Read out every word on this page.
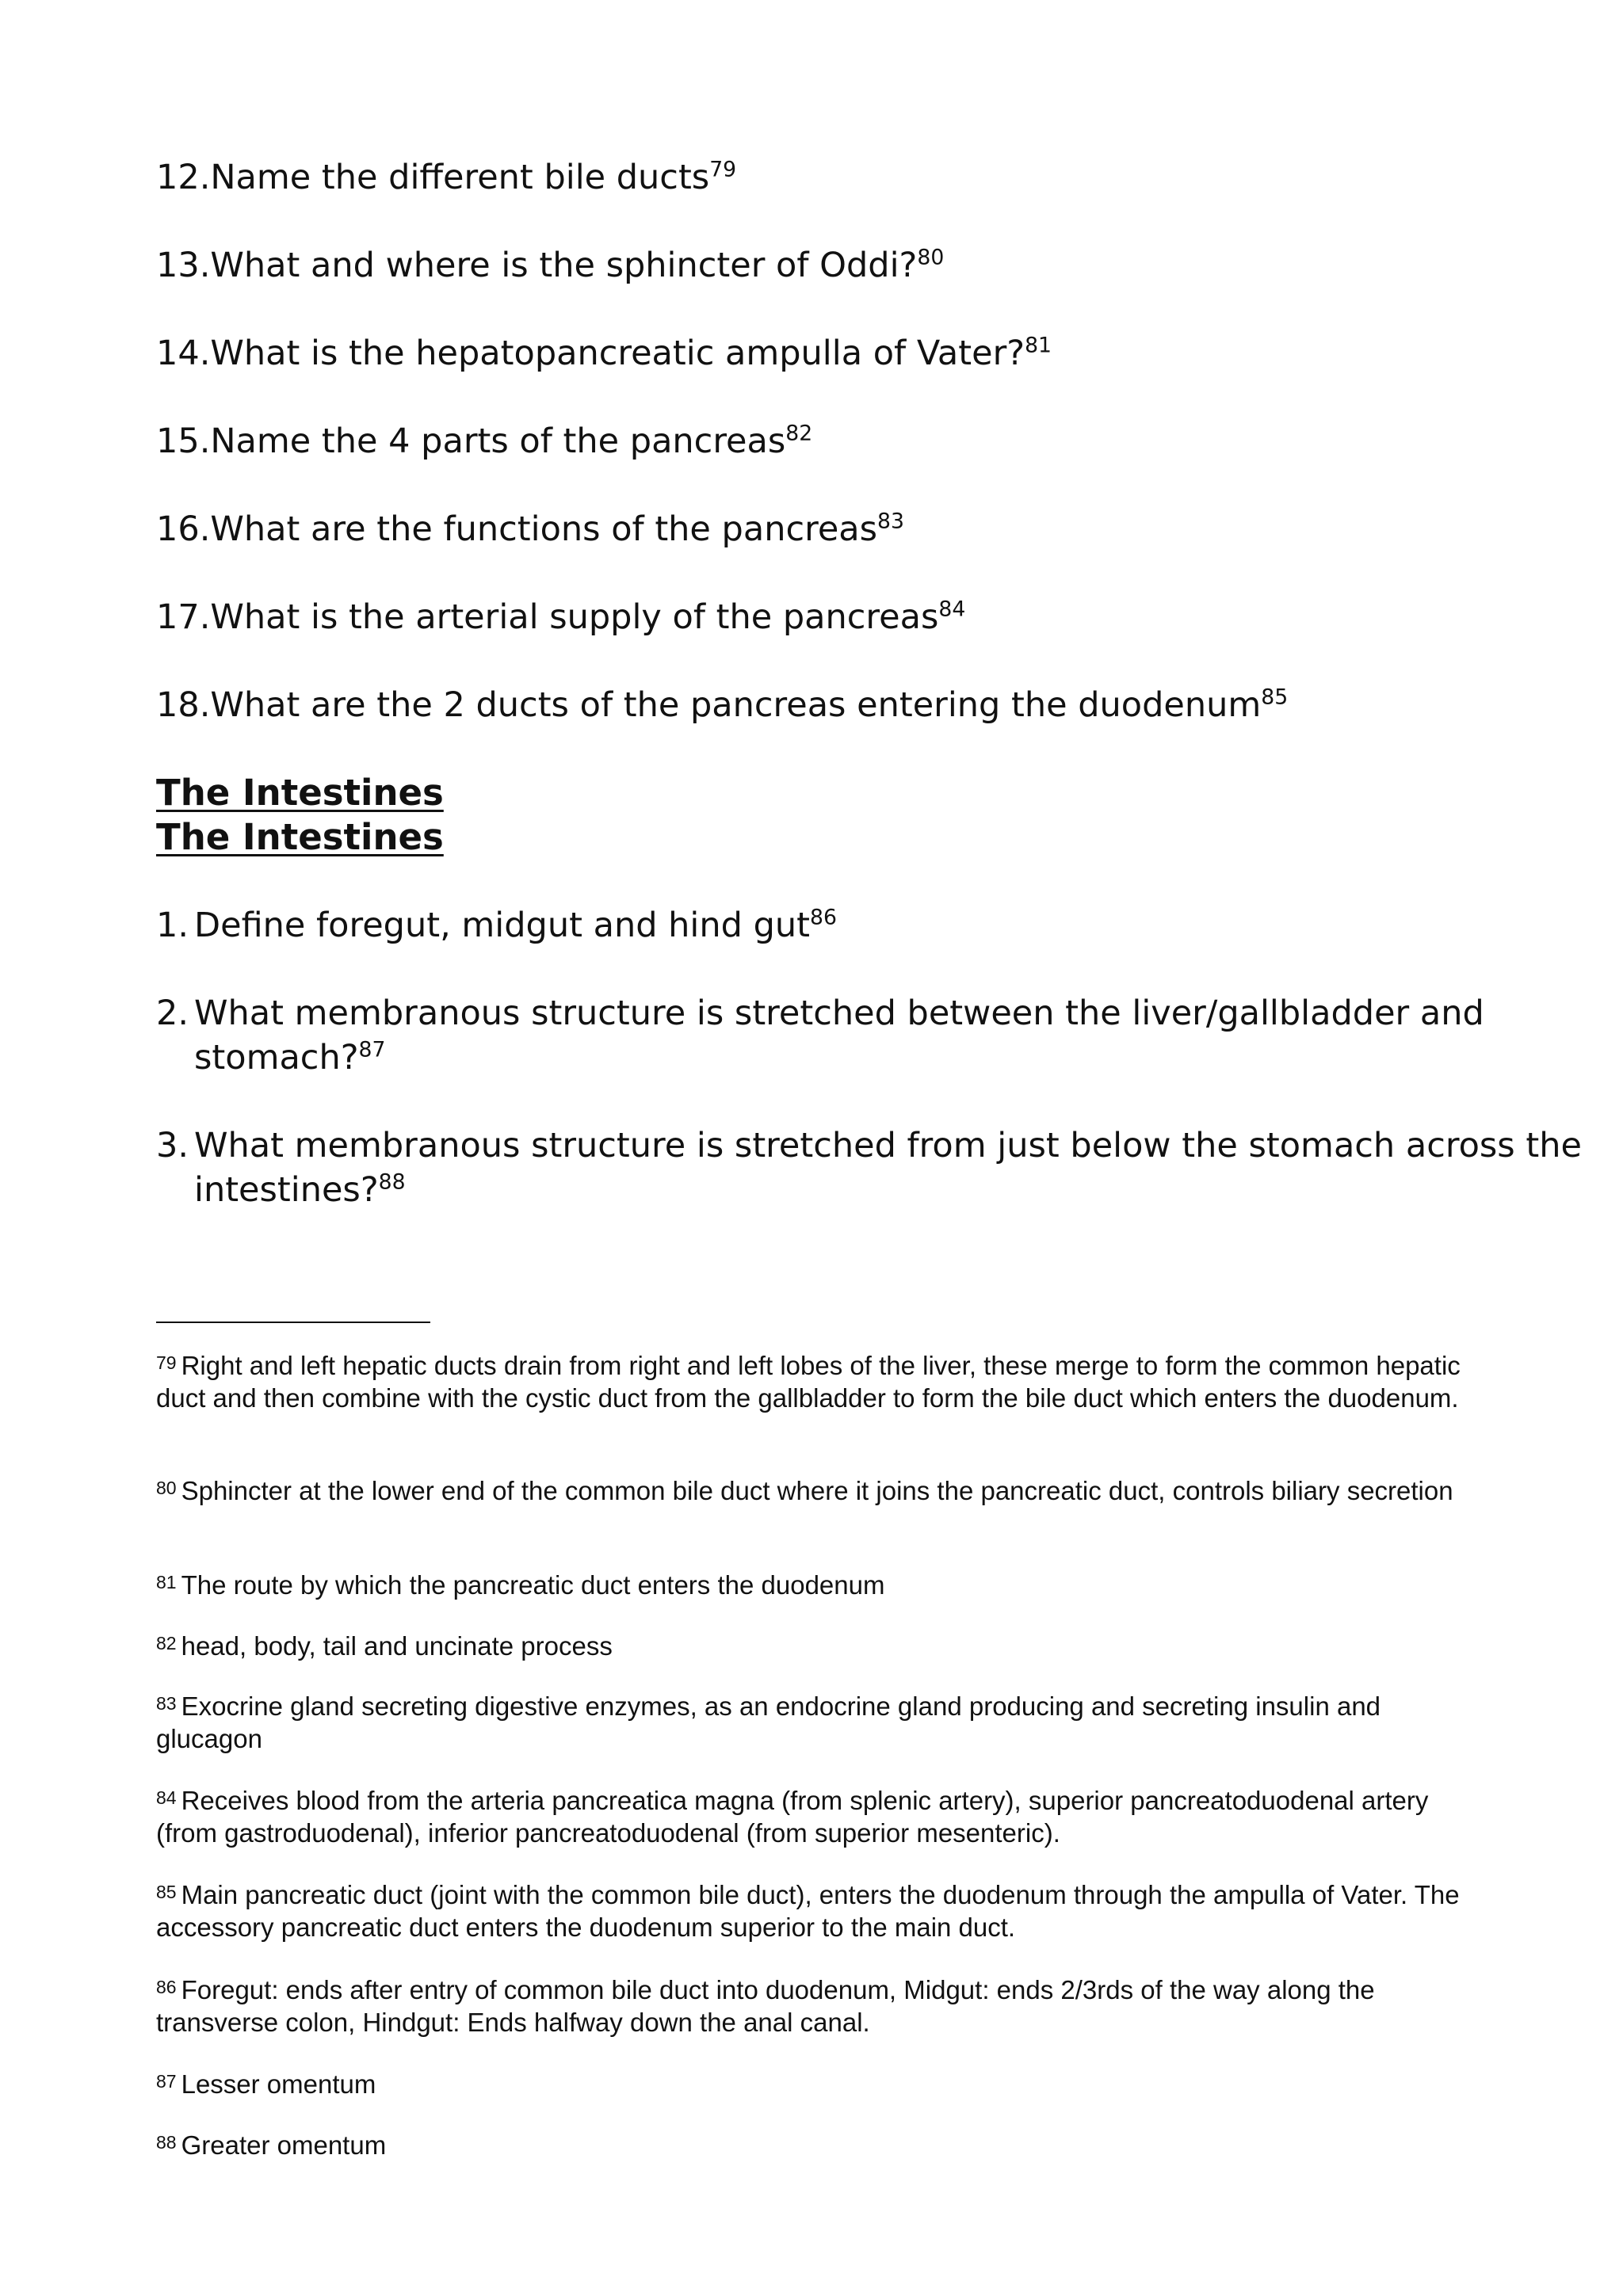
12.Name the different bile ducts$^{79}$

13.What and where is the sphincter of Oddi?$^{80}$

14.What is the hepatopancreatic ampulla of Vater?$^{81}$

15.Name the 4 parts of the pancreas$^{82}$

16.What are the functions of the pancreas$^{83}$

17.What is the arterial supply of the pancreas$^{84}$

18.What are the 2 ducts of the pancreas entering the duodenum$^{85}$

The Intestines
The Intestines

1. Define foregut, midgut and hind gut$^{86}$

2. What membranous structure is stretched between the liver/gallbladder and

stomach?$^{87}$

3. What membranous structure is stretched from just below the stomach across the

intestines?$^{88}$

$^{79}$ Right and left hepatic ducts drain from right and left lobes of the liver, these merge to form the common hepatic duct and then combine with the cystic duct from the gallbladder to form the bile duct which enters the duodenum.

$^{80}$ Sphincter at the lower end of the common bile duct where it joins the pancreatic duct, controls biliary secretion

$^{81}$ The route by which the pancreatic duct enters the duodenum

$^{82}$ head, body, tail and uncinate process

$^{83}$ Exocrine gland secreting digestive enzymes, as an endocrine gland producing and secreting insulin and glucagon

$^{84}$ Receives blood from the arteria pancreatica magna (from splenic artery), superior pancreatoduodenal artery (from gastroduodenal), inferior pancreatoduodenal (from superior mesenteric).

$^{85}$ Main pancreatic duct (joint with the common bile duct), enters the duodenum through the ampulla of Vater. The accessory pancreatic duct enters the duodenum superior to the main duct.

$^{86}$ Foregut: ends after entry of common bile duct into duodenum, Midgut: ends 2/3rds of the way along the transverse colon, Hindgut: Ends halfway down the anal canal.

$^{87}$ Lesser omentum

$^{88}$ Greater omentum
